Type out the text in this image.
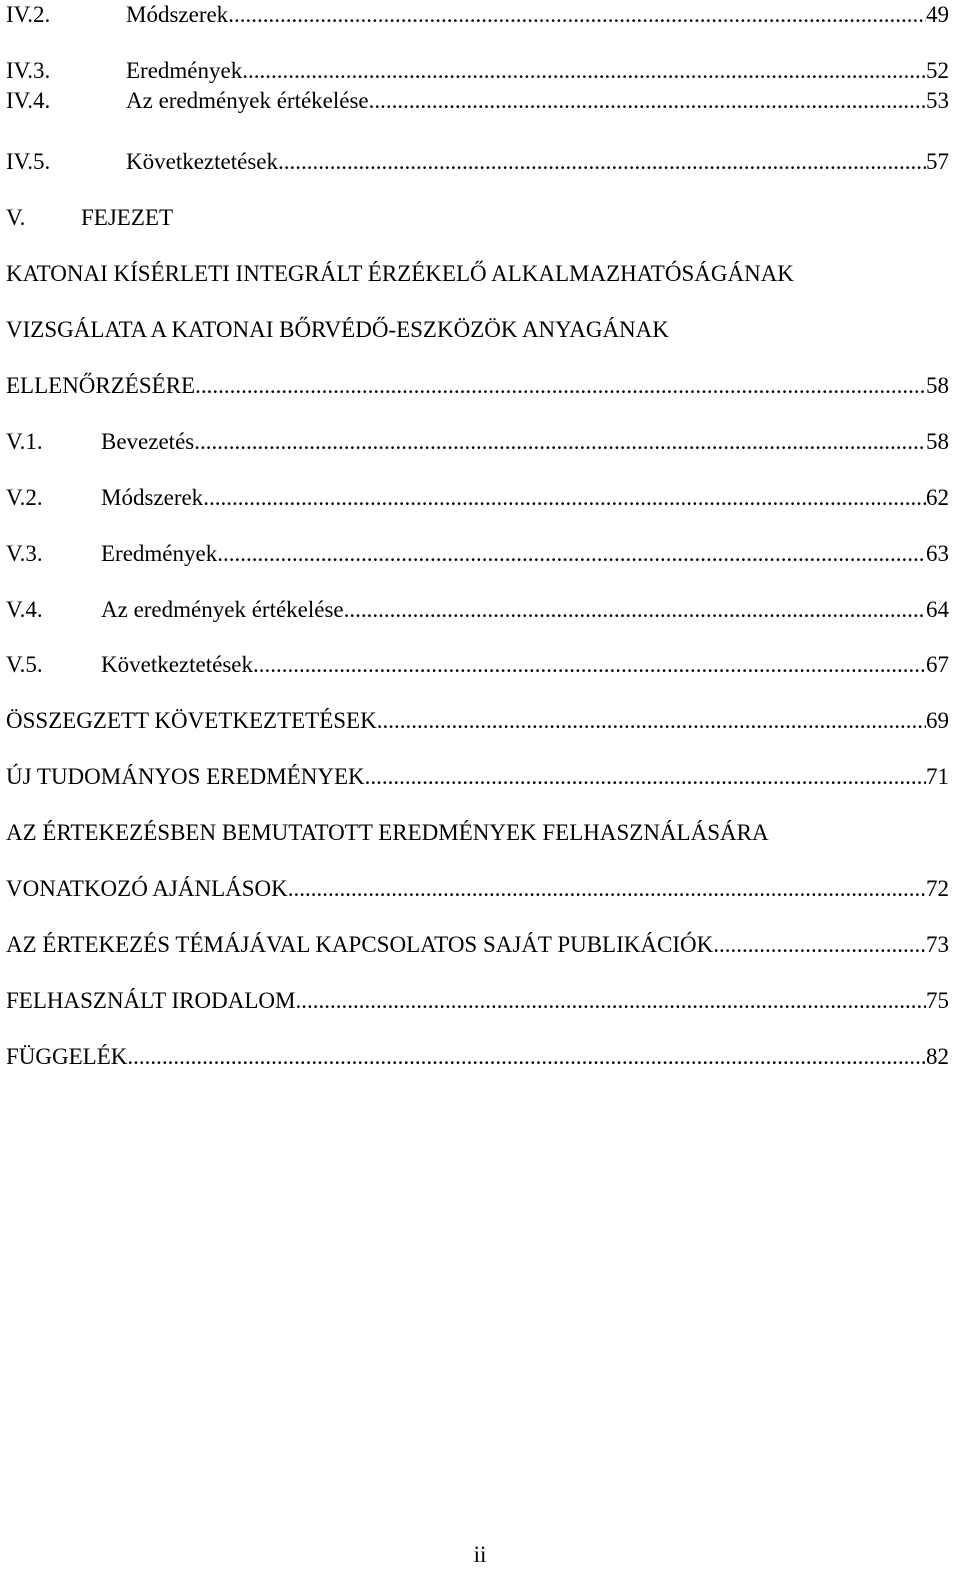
IV.2.	Módszerek .....	49
IV.3.	Eredmények .....	52
IV.4.	Az eredmények értékelése .....	53
IV.5.	Következtetések .....	57
V.	FEJEZET
KATONAI KÍSÉRLETI INTEGRÁLT ÉRZÉKELŐ ALKALMAZHATÓSÁGÁNAK
VIZSGÁLATA A KATONAI BŐRVÉDŐ-ESZKÖZÖK ANYAGÁNAK
ELLENŐRZÉSÉRE .....	58
V.1.	Bevezetés .....	58
V.2.	Módszerek .....	62
V.3.	Eredmények .....	63
V.4.	Az eredmények értékelése .....	64
V.5.	Következtetések .....	67
ÖSSZEGZETT KÖVETKEZTETÉSEK .....	69
ÚJ TUDOMÁNYOS EREDMÉNYEK .....	71
AZ ÉRTEKEZÉSBEN BEMUTATOTT EREDMÉNYEK FELHASZNÁLÁSÁRA
VONATKOZÓ AJÁNLÁSOK .....	72
AZ ÉRTEKEZÉS TÉMÁJÁVAL KAPCSOLATOS SAJÁT PUBLIKÁCIÓK .....	73
FELHASZNÁLT IRODALOM .....	75
FÜGGELÉK .....	82
ii
